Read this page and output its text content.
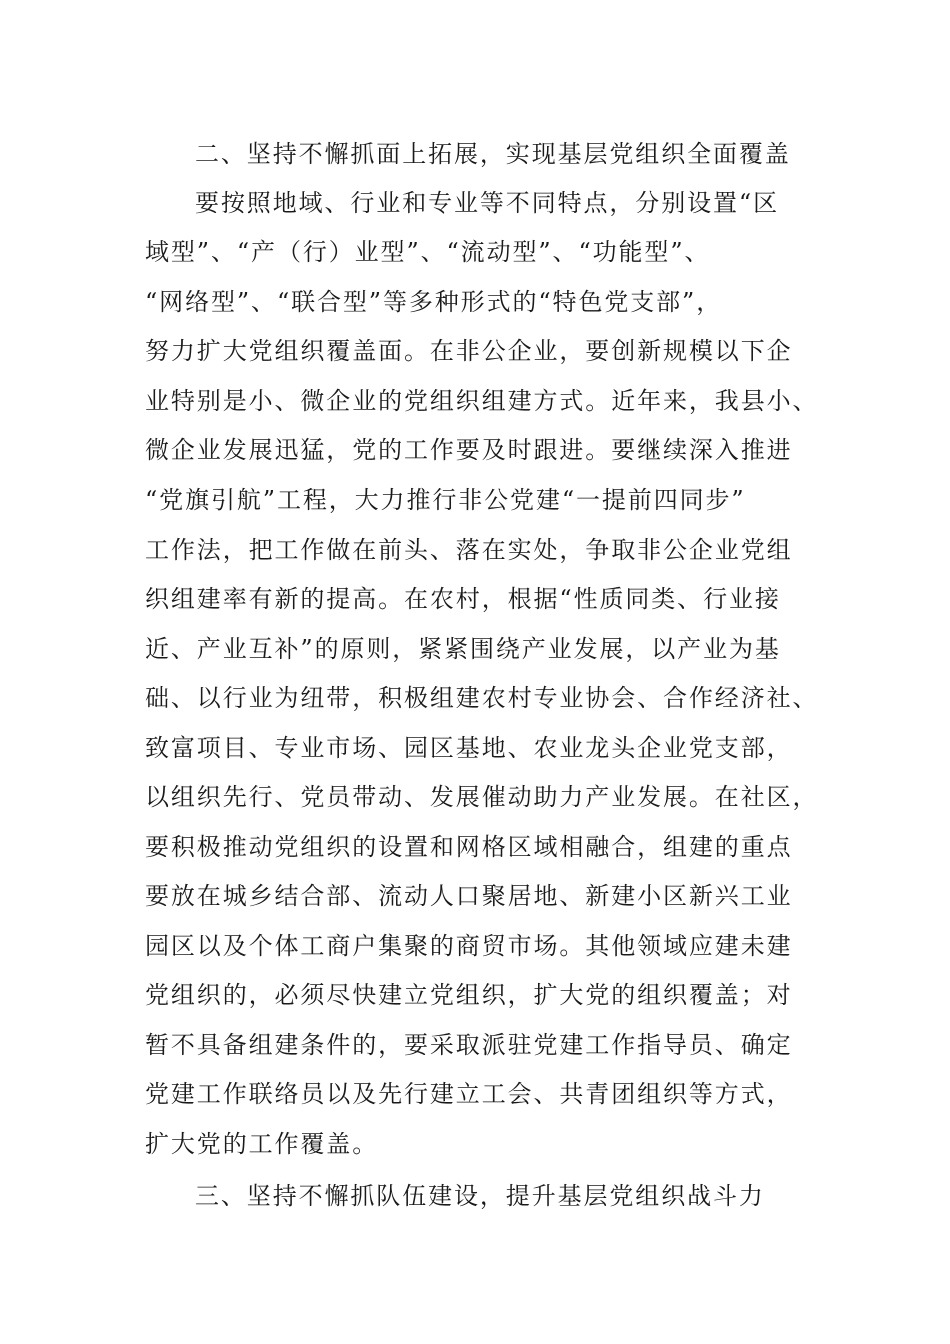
二、坚持不懈抓面上拓展，实现基层党组织全面覆盖

要按照地域、行业和专业等不同特点，分别设置“区

域型”、“产（行）业型”、“流动型”、“功能型”、

“网络型”、“联合型”等多种形式的“特色党支部”，

努力扩大党组织覆盖面。在非公企业，要创新规模以下企

业特别是小、微企业的党组织组建方式。近年来，我县小、

微企业发展迅猛，党的工作要及时跟进。要继续深入推进

“党旗引航”工程，大力推行非公党建“一提前四同步”

工作法，把工作做在前头、落在实处，争取非公企业党组

织组建率有新的提高。在农村，根据“性质同类、行业接

近、产业互补”的原则，紧紧围绕产业发展，以产业为基

础、以行业为纽带，积极组建农村专业协会、合作经济社、

致富项目、专业市场、园区基地、农业龙头企业党支部，

以组织先行、党员带动、发展催动助力产业发展。在社区，

要积极推动党组织的设置和网格区域相融合，组建的重点

要放在城乡结合部、流动人口聚居地、新建小区新兴工业

园区以及个体工商户集聚的商贸市场。其他领域应建未建

党组织的，必须尽快建立党组织，扩大党的组织覆盖；对

暂不具备组建条件的，要采取派驻党建工作指导员、确定

党建工作联络员以及先行建立工会、共青团组织等方式，

扩大党的工作覆盖。

三、坚持不懈抓队伍建设，提升基层党组织战斗力
